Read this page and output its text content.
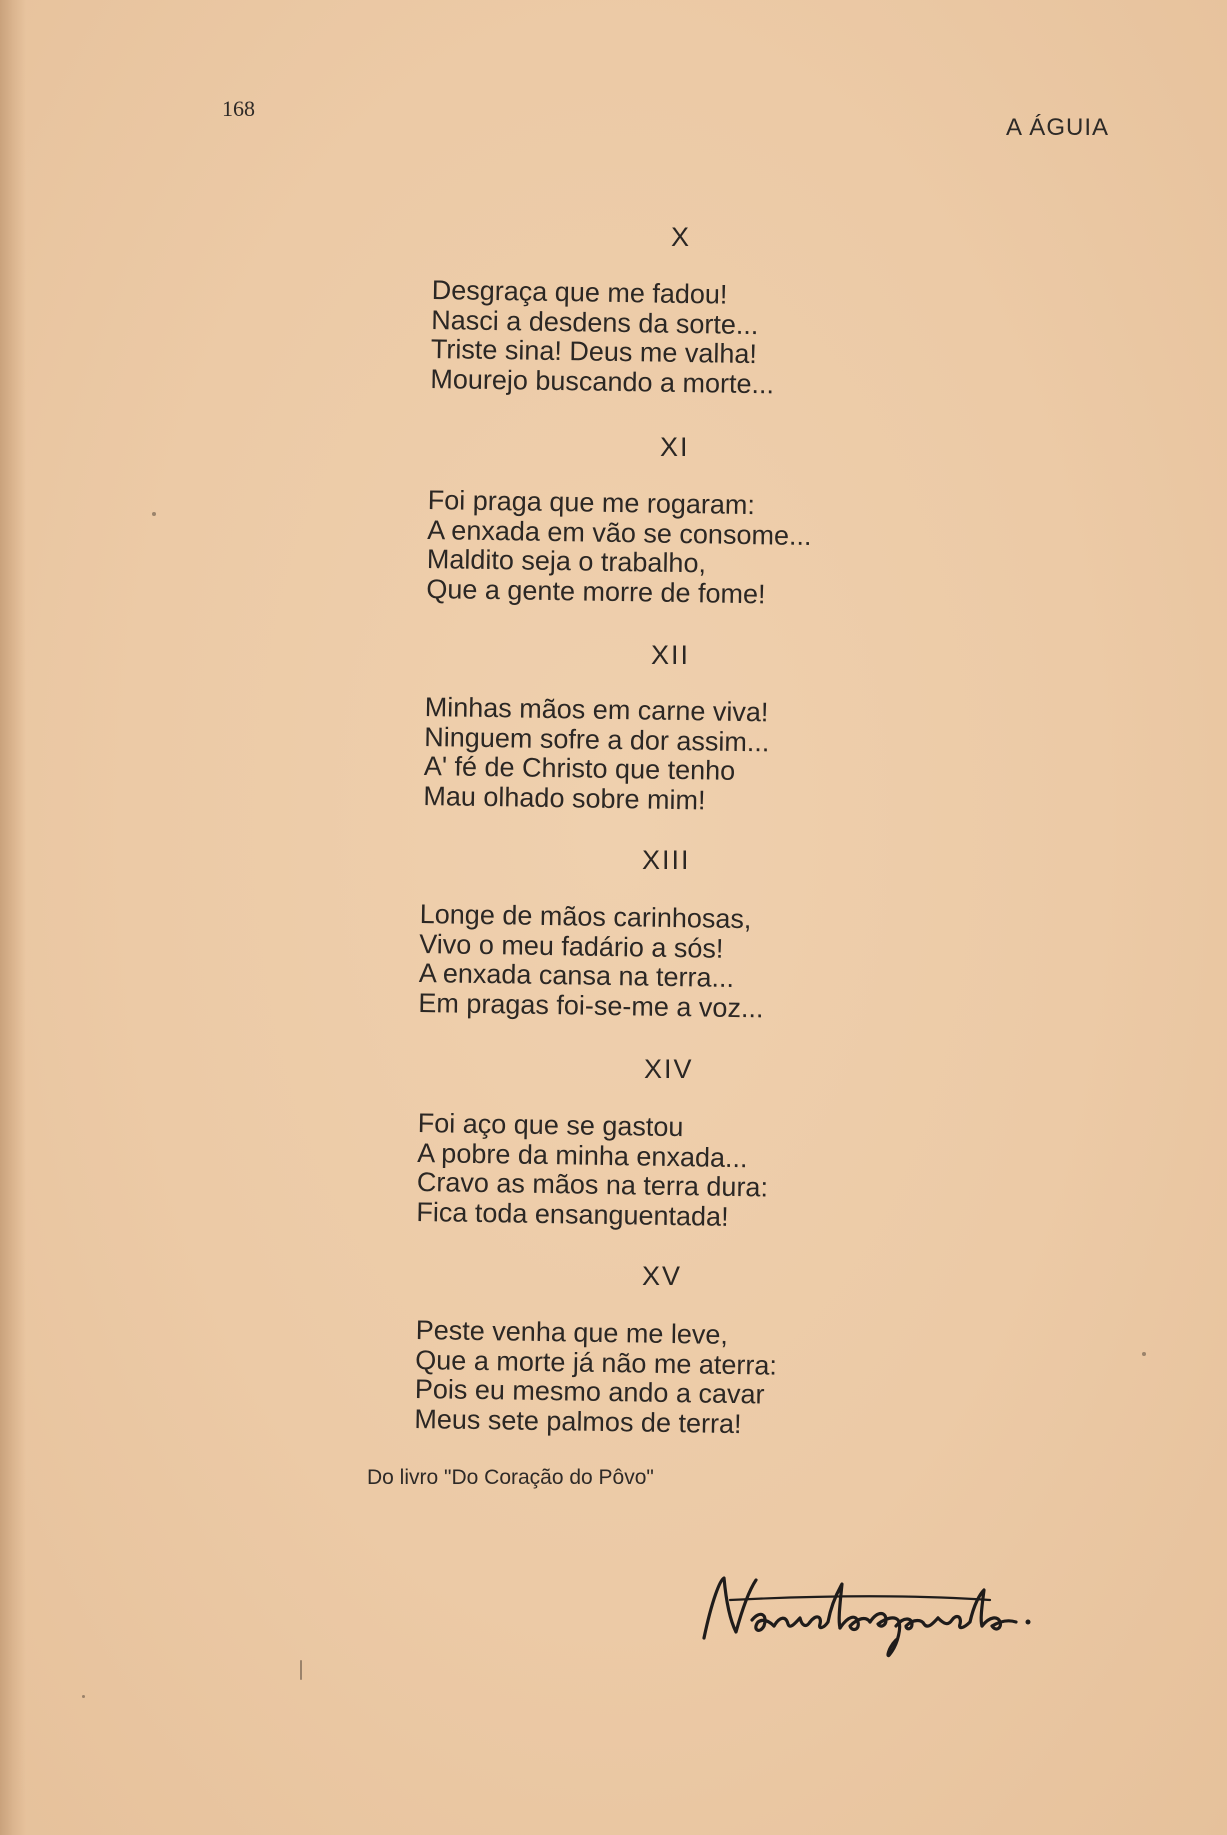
168
A ÁGUIA
X
Desgraça que me fadou!
Nasci a desdens da sorte...
Triste sina! Deus me valha!
Mourejo buscando a morte...
XI
Foi praga que me rogaram:
A enxada em vão se consome...
Maldito seja o trabalho,
Que a gente morre de fome!
XII
Minhas mãos em carne viva!
Ninguem sofre a dor assim...
A' fé de Christo que tenho
Mau olhado sobre mim!
XIII
Longe de mãos carinhosas,
Vivo o meu fadário a sós!
A enxada cansa na terra...
Em pragas foi-se-me a voz...
XIV
Foi aço que se gastou
A pobre da minha enxada...
Cravo as mãos na terra dura:
Fica toda ensanguentada!
XV
Peste venha que me leve,
Que a morte já não me aterra:
Pois eu mesmo ando a cavar
Meus sete palmos de terra!
Do livro "Do Coração do Pôvo"
